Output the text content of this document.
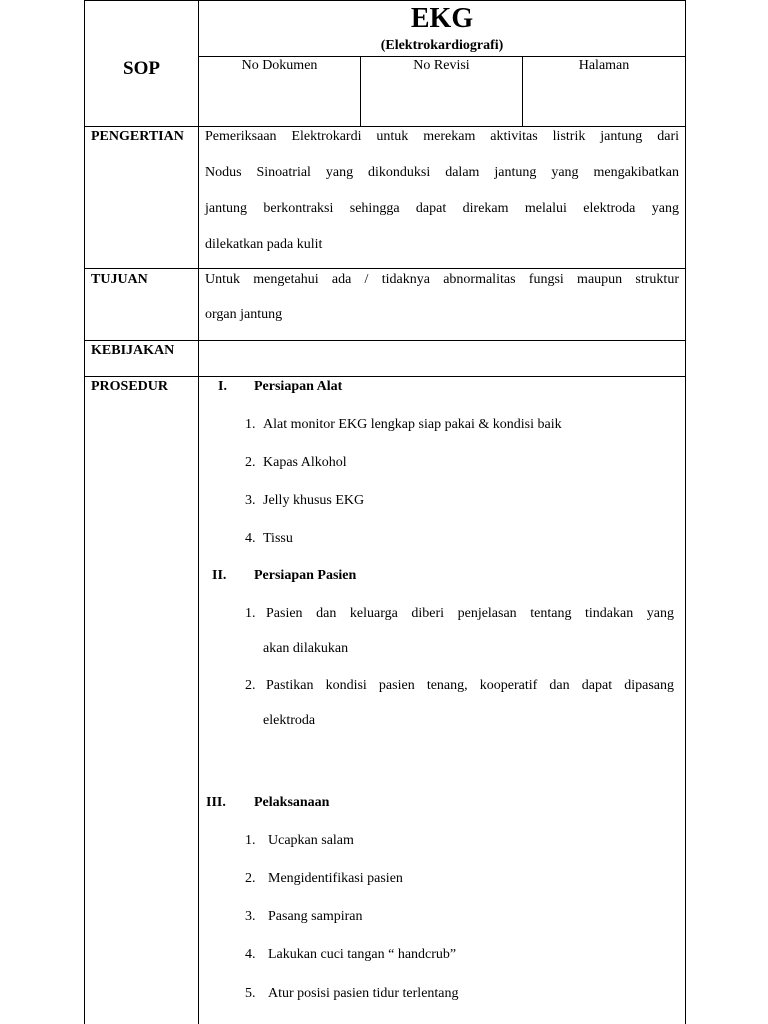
SOP
EKG
(Elektrokardiografi)
No Dokumen	No Revisi	Halaman
PENGERTIAN Pemeriksaan Elektrokardi untuk merekam aktivitas listrik jantung dari
Nodus Sinoatrial yang dikonduksi dalam jantung yang mengakibatkan
jantung berkontraksi sehingga dapat direkam melalui elektroda yang
dilekatkan pada kulit
TUJUAN	Untuk mengetahui ada / tidaknya abnormalitas fungsi maupun struktur
organ jantung
KEBIJAKAN
PROSEDUR	I. Persiapan Alat
1. Alat monitor EKG lengkap siap pakai & kondisi baik
2. Kapas Alkohol
3. Jelly khusus EKG
4. Tissu
II. Persiapan Pasien
1. Pasien dan keluarga diberi penjelasan tentang tindakan yang
akan dilakukan
2. Pastikan kondisi pasien tenang, kooperatif dan dapat dipasang
elektroda
III. Pelaksanaan
1. Ucapkan salam
2. Mengidentifikasi pasien
3. Pasang sampiran
4. Lakukan cuci tangan “ handcrub”
5. Atur posisi pasien tidur terlentang
